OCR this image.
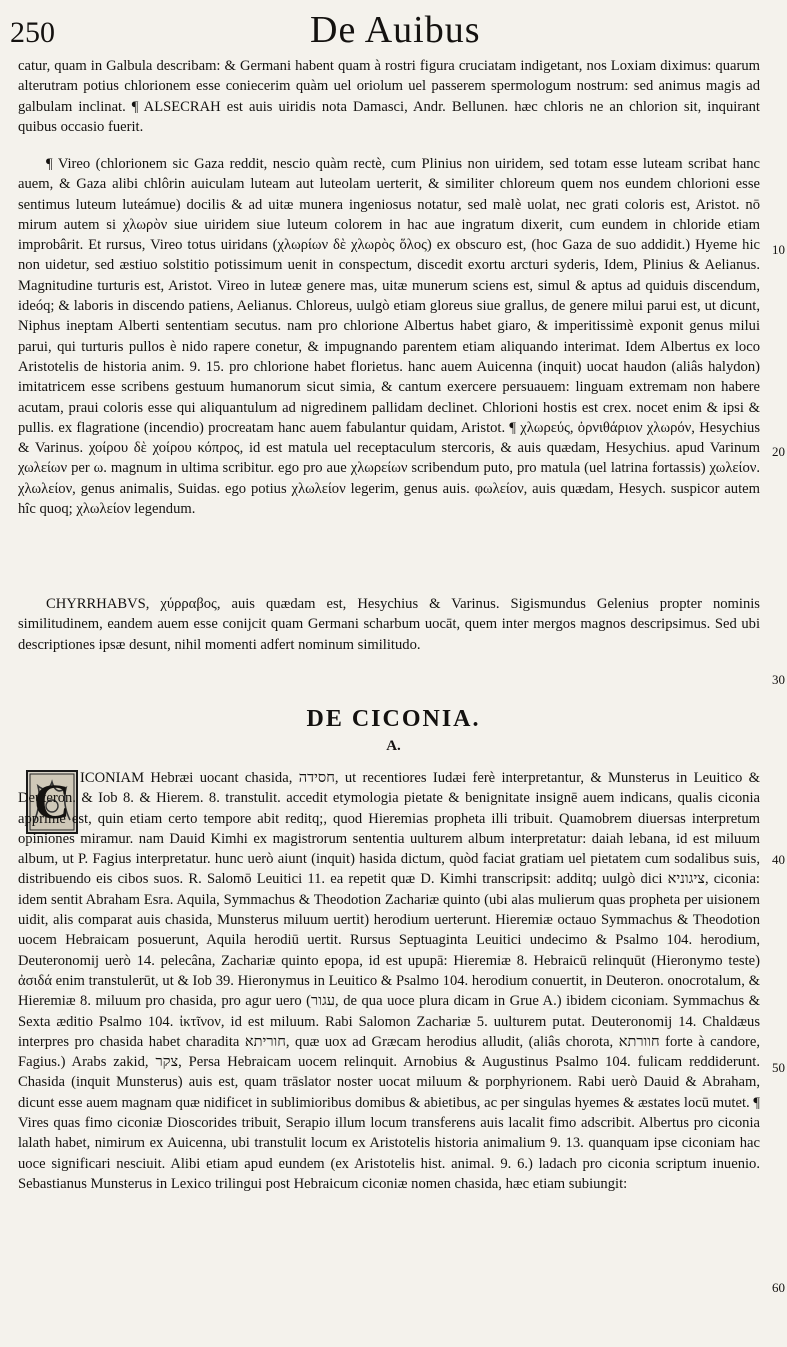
250	De Auibus

catur, quam in Galbula describam: & Germani habent quam à rostri figura cruciatam indigetant, nos Loxiam diximus: quarum alterutram potius chlorionem esse coniecerim quàm uel oriolum uel passerem spermologum nostrum: sed animus magis ad galbulam inclinat. ¶ ALSECRAH est auis uiridis nota Damasci, Andr. Bellunen. hæc chloris ne an chlorion sit, inquirant quibus occasio fuerit.

¶ Vireo (chlorionem sic Gaza reddit, nescio quàm rectè, cum Plinius non uiridem, sed totam esse luteam scribat hanc auem, & Gaza alibi chlôrin auiculam luteam aut luteolam uerterit, & similiter chloreum quem nos eundem chlorioni esse sentimus luteum luteámue) docilis & ad uitæ munera ingeniosus notatur, sed malè uolat, nec grati coloris est, Aristot. nō mirum autem si χλωρὸν siue uiridem siue luteum colorem in hac aue ingratum dixerit, cum eundem in chloride etiam improbârit. Et rursus, Vireo totus uiridans (χλωρίων δὲ χλωρὸς ὅλος) ex obscuro est, (hoc Gaza de suo addidit.) Hyeme hic non uidetur, sed æstiuo solstitio potissimum uenit in conspectum, discedit exortu arcturi syderis, Idem, Plinius & Aelianus. Magnitudine turturis est, Aristot. Vireo in luteæ genere mas, uitæ munerum sciens est, simul & aptus ad quiduis discendum, ideóq; & laboris in discendo patiens, Aelianus. Chloreus, uulgò etiam gloreus siue grallus, de genere milui parui est, ut dicunt, Niphus ineptam Alberti sententiam secutus. nam pro chlorione Albertus habet giaro, & imperitissimè exponit genus milui parui, qui turturis pullos è nido rapere conetur, & impugnando parentem etiam aliquando interimat. Idem Albertus ex loco Aristotelis de historia anim. 9. 15. pro chlorione habet florietus. hanc auem Auicenna (inquit) uocat haudon (aliâs halydon) imitatricem esse scribens gestuum humanorum sicut simia, & cantum exercere persuauem: linguam extremam non habere acutam, praui coloris esse qui aliquantulum ad nigredinem pallidam declinet. Chlorioni hostis est crex. nocet enim & ipsi & pullis. ex flagratione (incendio) procreatam hanc auem fabulantur quidam, Aristot. ¶ χλωρεύς, ὀρνιθάριον χλωρόν, Hesychius & Varinus. χοίρου δὲ χοίρου κόπρος, id est matula uel receptaculum stercoris, & auis quædam, Hesychius. apud Varinum χωλείων per ω. magnum in ultima scribitur. ego pro aue χλωρείων scribendum puto, pro matula (uel latrina fortassis) χωλείον. χλωλείον, genus animalis, Suidas. ego potius χλωλείον legerim, genus auis. φωλείον, auis quædam, Hesych. suspicor autem hîc quoq; χλωλείον legendum.

CHYRRHABVS, χύρραβος, auis quædam est, Hesychius & Varinus. Sigismundus Gelenius propter nominis similitudinem, eandem auem esse conijcit quam Germani scharbum uocāt, quem inter mergos magnos descripsimus. Sed ubi descriptiones ipsæ desunt, nihil momenti adfert nominum similitudo.

DE CICONIA.
A.
C ICONIAM Hebræi uocant chasida, חסידה, ut recentiores Iudæi ferè interpretantur, & Munsterus in Leuitico & Deuteron. & Iob 8. & Hierem. 8. transtulit. accedit etymologia pietate & benignitate insignē auem indicans, qualis ciconia apprime est, quin etiam certo tempore abit reditq;, quod Hieremias propheta illi tribuit. Quamobrem diuersas interpretum opiniones miramur. nam Dauid Kimhi ex magistrorum sententia uulturem album interpretatur: daiah lebana, id est miluum album, ut P. Fagius interpretatur. hunc uerò aiunt (inquit) hasida dictum, quòd faciat gratiam uel pietatem cum sodalibus suis, distribuendo eis cibos suos. R. Salomō Leuitici 11. ea repetit quæ D. Kimhi transcripsit: additq; uulgò dici ציגוניא, ciconia: idem sentit Abraham Esra. Aquila, Symmachus & Theodotion Zachariæ quinto (ubi alas mulierum quas propheta per uisionem uidit, alis comparat auis chasida, Munsterus miluum uertit) herodium uerterunt. Hieremiæ octauo Symmachus & Theodotion uocem Hebraicam posuerunt, Aquila herodiū uertit. Rursus Septuaginta Leuitici undecimo & Psalmo 104. herodium, Deuteronomij uerò 14. pelecâna, Zachariæ quinto epopa, id est upupā: Hieremiæ 8. Hebraicū relinquūt (Hieronymo teste) ἀσιδά enim transtulerūt, ut & Iob 39. Hieronymus in Leuitico & Psalmo 104. herodium conuertit, in Deuteron. onocrotalum, & Hieremiæ 8. miluum pro chasida, pro agur uero (עגור, de qua uoce plura dicam in Grue A.) ibidem ciconiam. Symmachus & Sexta æditio Psalmo 104. ἰκτῖνον, id est miluum. Rabi Salomon Zachariæ 5. uulturem putat. Deuteronomij 14. Chaldæus interpres pro chasida habet charadita חוריתא, quæ uox ad Græcam herodius alludit, (aliâs chorota, חוורתא forte à candore, Fagius.) Arabs zakid, צקר, Persa Hebraicam uocem relinquit. Arnobius & Augustinus Psalmo 104. fulicam reddiderunt. Chasida (inquit Munsterus) auis est, quam trāslator noster uocat miluum & porphyrionem. Rabi uerò Dauid & Abraham, dicunt esse auem magnam quæ nidificet in sublimioribus domibus & abietibus, ac per singulas hyemes & æstates locū mutet. ¶ Vires quas fimo ciconiæ Dioscorides tribuit, Serapio illum locum transferens auis lacalit fimo adscribit. Albertus pro ciconia lalath habet, nimirum ex Auicenna, ubi transtulit locum ex Aristotelis historia animalium 9. 13. quanquam ipse ciconiam hac uoce significari nesciuit. Alibi etiam apud eundem (ex Aristotelis hist. animal. 9. 6.) ladach pro ciconia scriptum inuenio. Sebastianus Munsterus in Lexico trilingui post Hebraicum ciconiæ nomen chasida, hæc etiam subiungit:

10
20
30
40
50
60
